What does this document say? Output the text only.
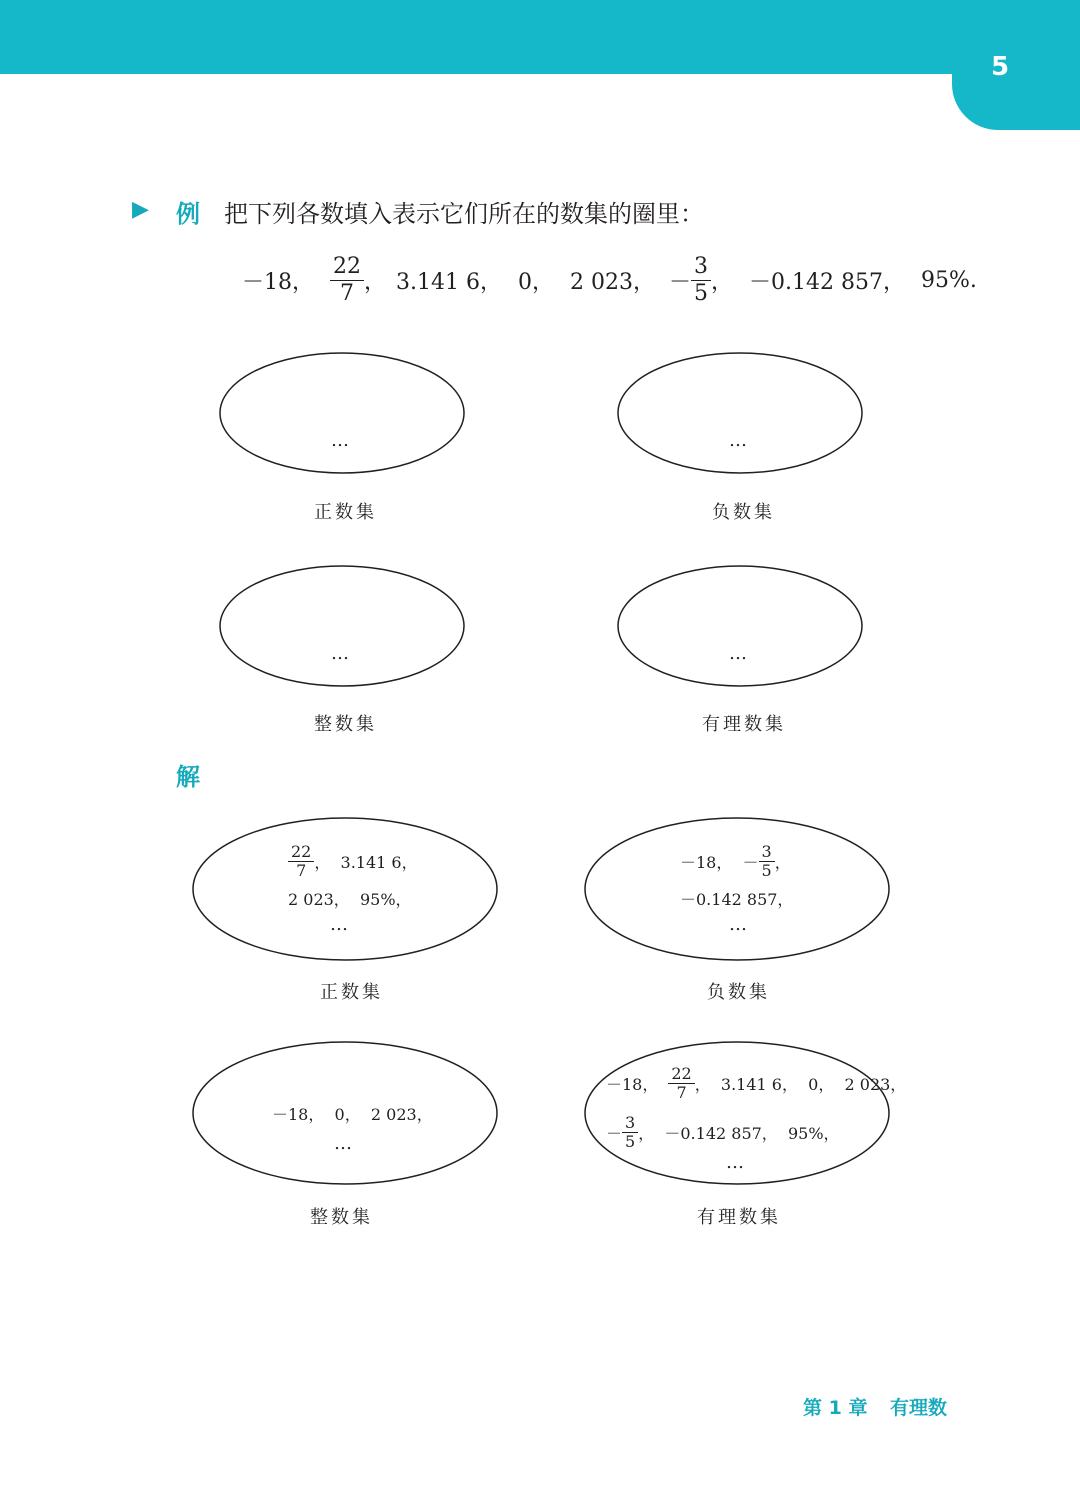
5
▶ 例 把下列各数填入表示它们所在的数集的圈里：
－18， $\frac{22}{7}$ ， 3.141 6， 0， 2 023， － $\frac{3}{5}$ ， －0.142 857， 95%.
…	…
…	…
正数集	负数集
整数集	有理数集
解
$\frac{22}{7}$ ，  3.141 6，
2 023，  95%，
…
正数集
－18，  － $\frac{3}{5}$ ，
－0.142 857，
…
负数集
－18，  0，  2 023，
…
整数集
－18， $\frac{22}{7}$ ，  3.141 6，  0，  2 023，
－ $\frac{3}{5}$ ，  －0.142 857，  95%，
…
有理数集
第 1 章 有理数
